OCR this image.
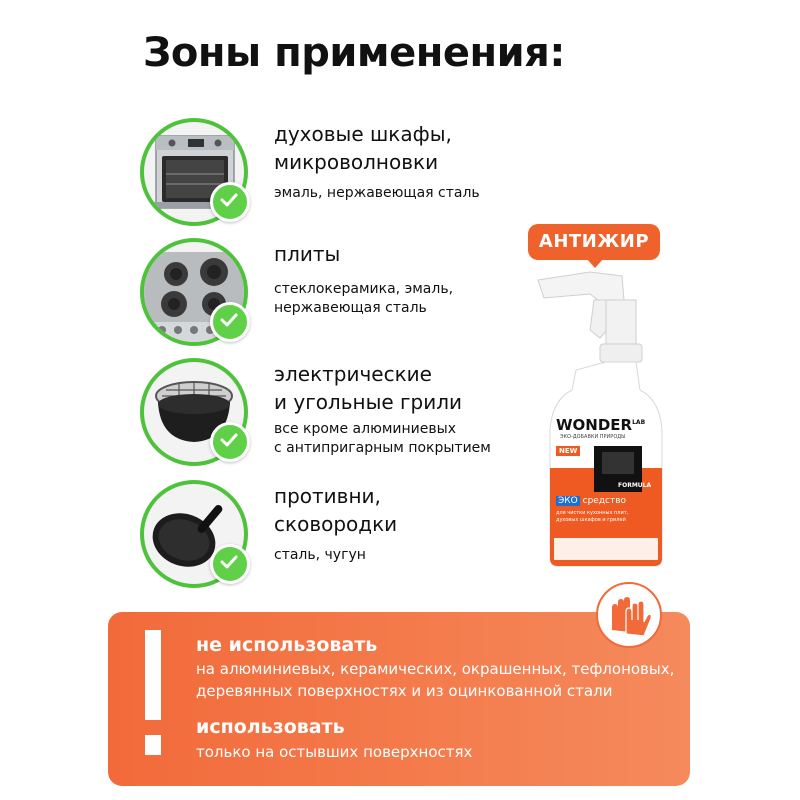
Зоны применения:
духовые шкафы,
микроволновки
эмаль, нержавеющая сталь
плиты
стеклокерамика, эмаль,
нержавеющая сталь
электрические
и угольные грили
все кроме алюминиевых
с антипригарным покрытием
противни,
сковородки
сталь, чугун
АНТИЖИР
$WONDER^{LAB}$
ЭКО-ДОБАВКИ ПРИРОДЫ
NEW
FORMULA
ЭКО средство
для чистки кухонных плит,
духовых шкафов и грилей
не использовать
на алюминиевых, керамических, окрашенных, тефлоновых,
деревянных поверхностях и из оцинкованной стали
использовать
только на остывших поверхностях
